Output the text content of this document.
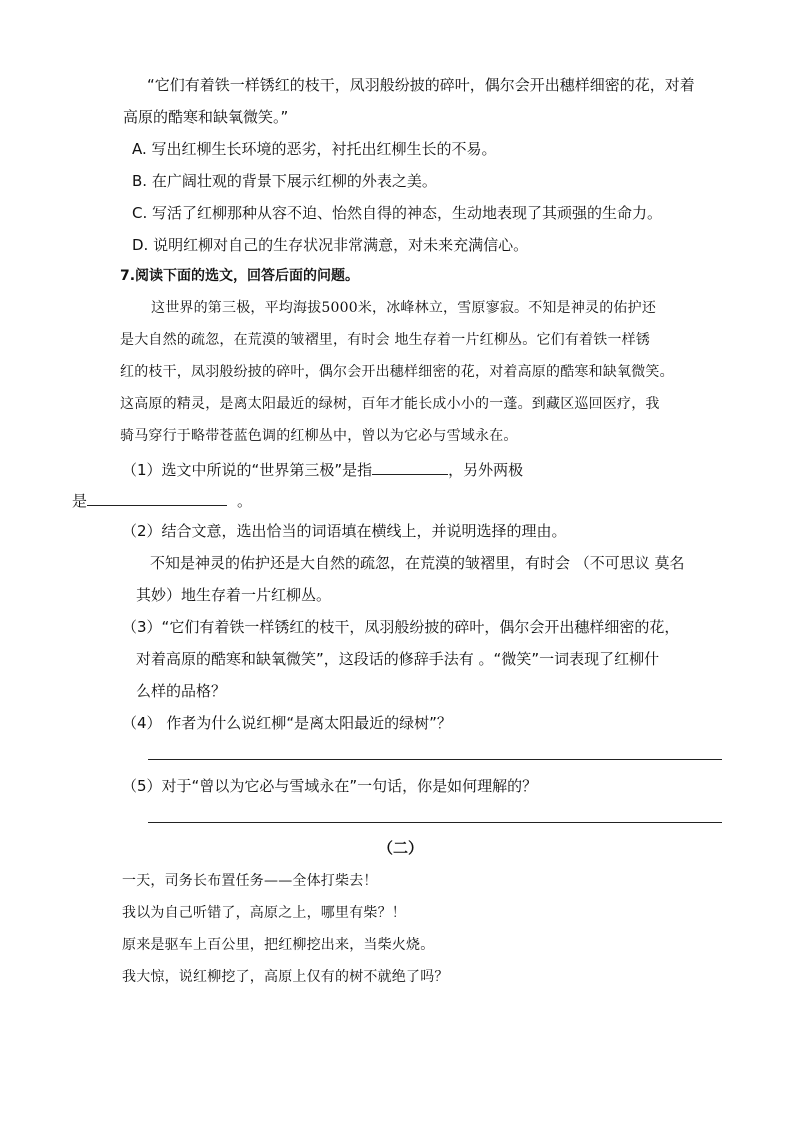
“它们有着铁一样锈红的枝干，凤羽般纷披的碎叶，偶尔会开出穗样细密的花，对着
高原的酷寒和缺氧微笑。”
A. 写出红柳生长环境的恶劣，衬托出红柳生长的不易。
B. 在广阔壮观的背景下展示红柳的外表之美。
C. 写活了红柳那种从容不迫、怡然自得的神态，生动地表现了其顽强的生命力。
D. 说明红柳对自己的生存状况非常满意，对未来充满信心。
7.阅读下面的选文，回答后面的问题。
这世界的第三极，平均海拔5000米，冰峰林立，雪原寥寂。不知是神灵的佑护还
是大自然的疏忽，在荒漠的皱褶里，有时会 地生存着一片红柳丛。它们有着铁一样锈
红的枝干，凤羽般纷披的碎叶，偶尔会开出穗样细密的花，对着高原的酷寒和缺氧微笑。
这高原的精灵，是离太阳最近的绿树，百年才能长成小小的一蓬。到藏区巡回医疗，我
骑马穿行于略带苍蓝色调的红柳丛中，曾以为它必与雪域永在。
（1）选文中所说的“世界第三极”是指	，另外两极
是	。
（2）结合文意，选出恰当的词语填在横线上，并说明选择的理由。
不知是神灵的佑护还是大自然的疏忽，在荒漠的皱褶里，有时会 （不可思议 莫名
其妙）地生存着一片红柳丛。
（3）“它们有着铁一样锈红的枝干，凤羽般纷披的碎叶，偶尔会开出穗样细密的花，
对着高原的酷寒和缺氧微笑”，这段话的修辞手法有 。“微笑”一词表现了红柳什
么样的品格？
（4） 作者为什么说红柳“是离太阳最近的绿树”？
（5）对于“曾以为它必与雪域永在”一句话，你是如何理解的？
（二）
一天，司务长布置任务——全体打柴去！
我以为自己听错了，高原之上，哪里有柴？！
原来是驱车上百公里，把红柳挖出来，当柴火烧。
我大惊，说红柳挖了，高原上仅有的树不就绝了吗？
